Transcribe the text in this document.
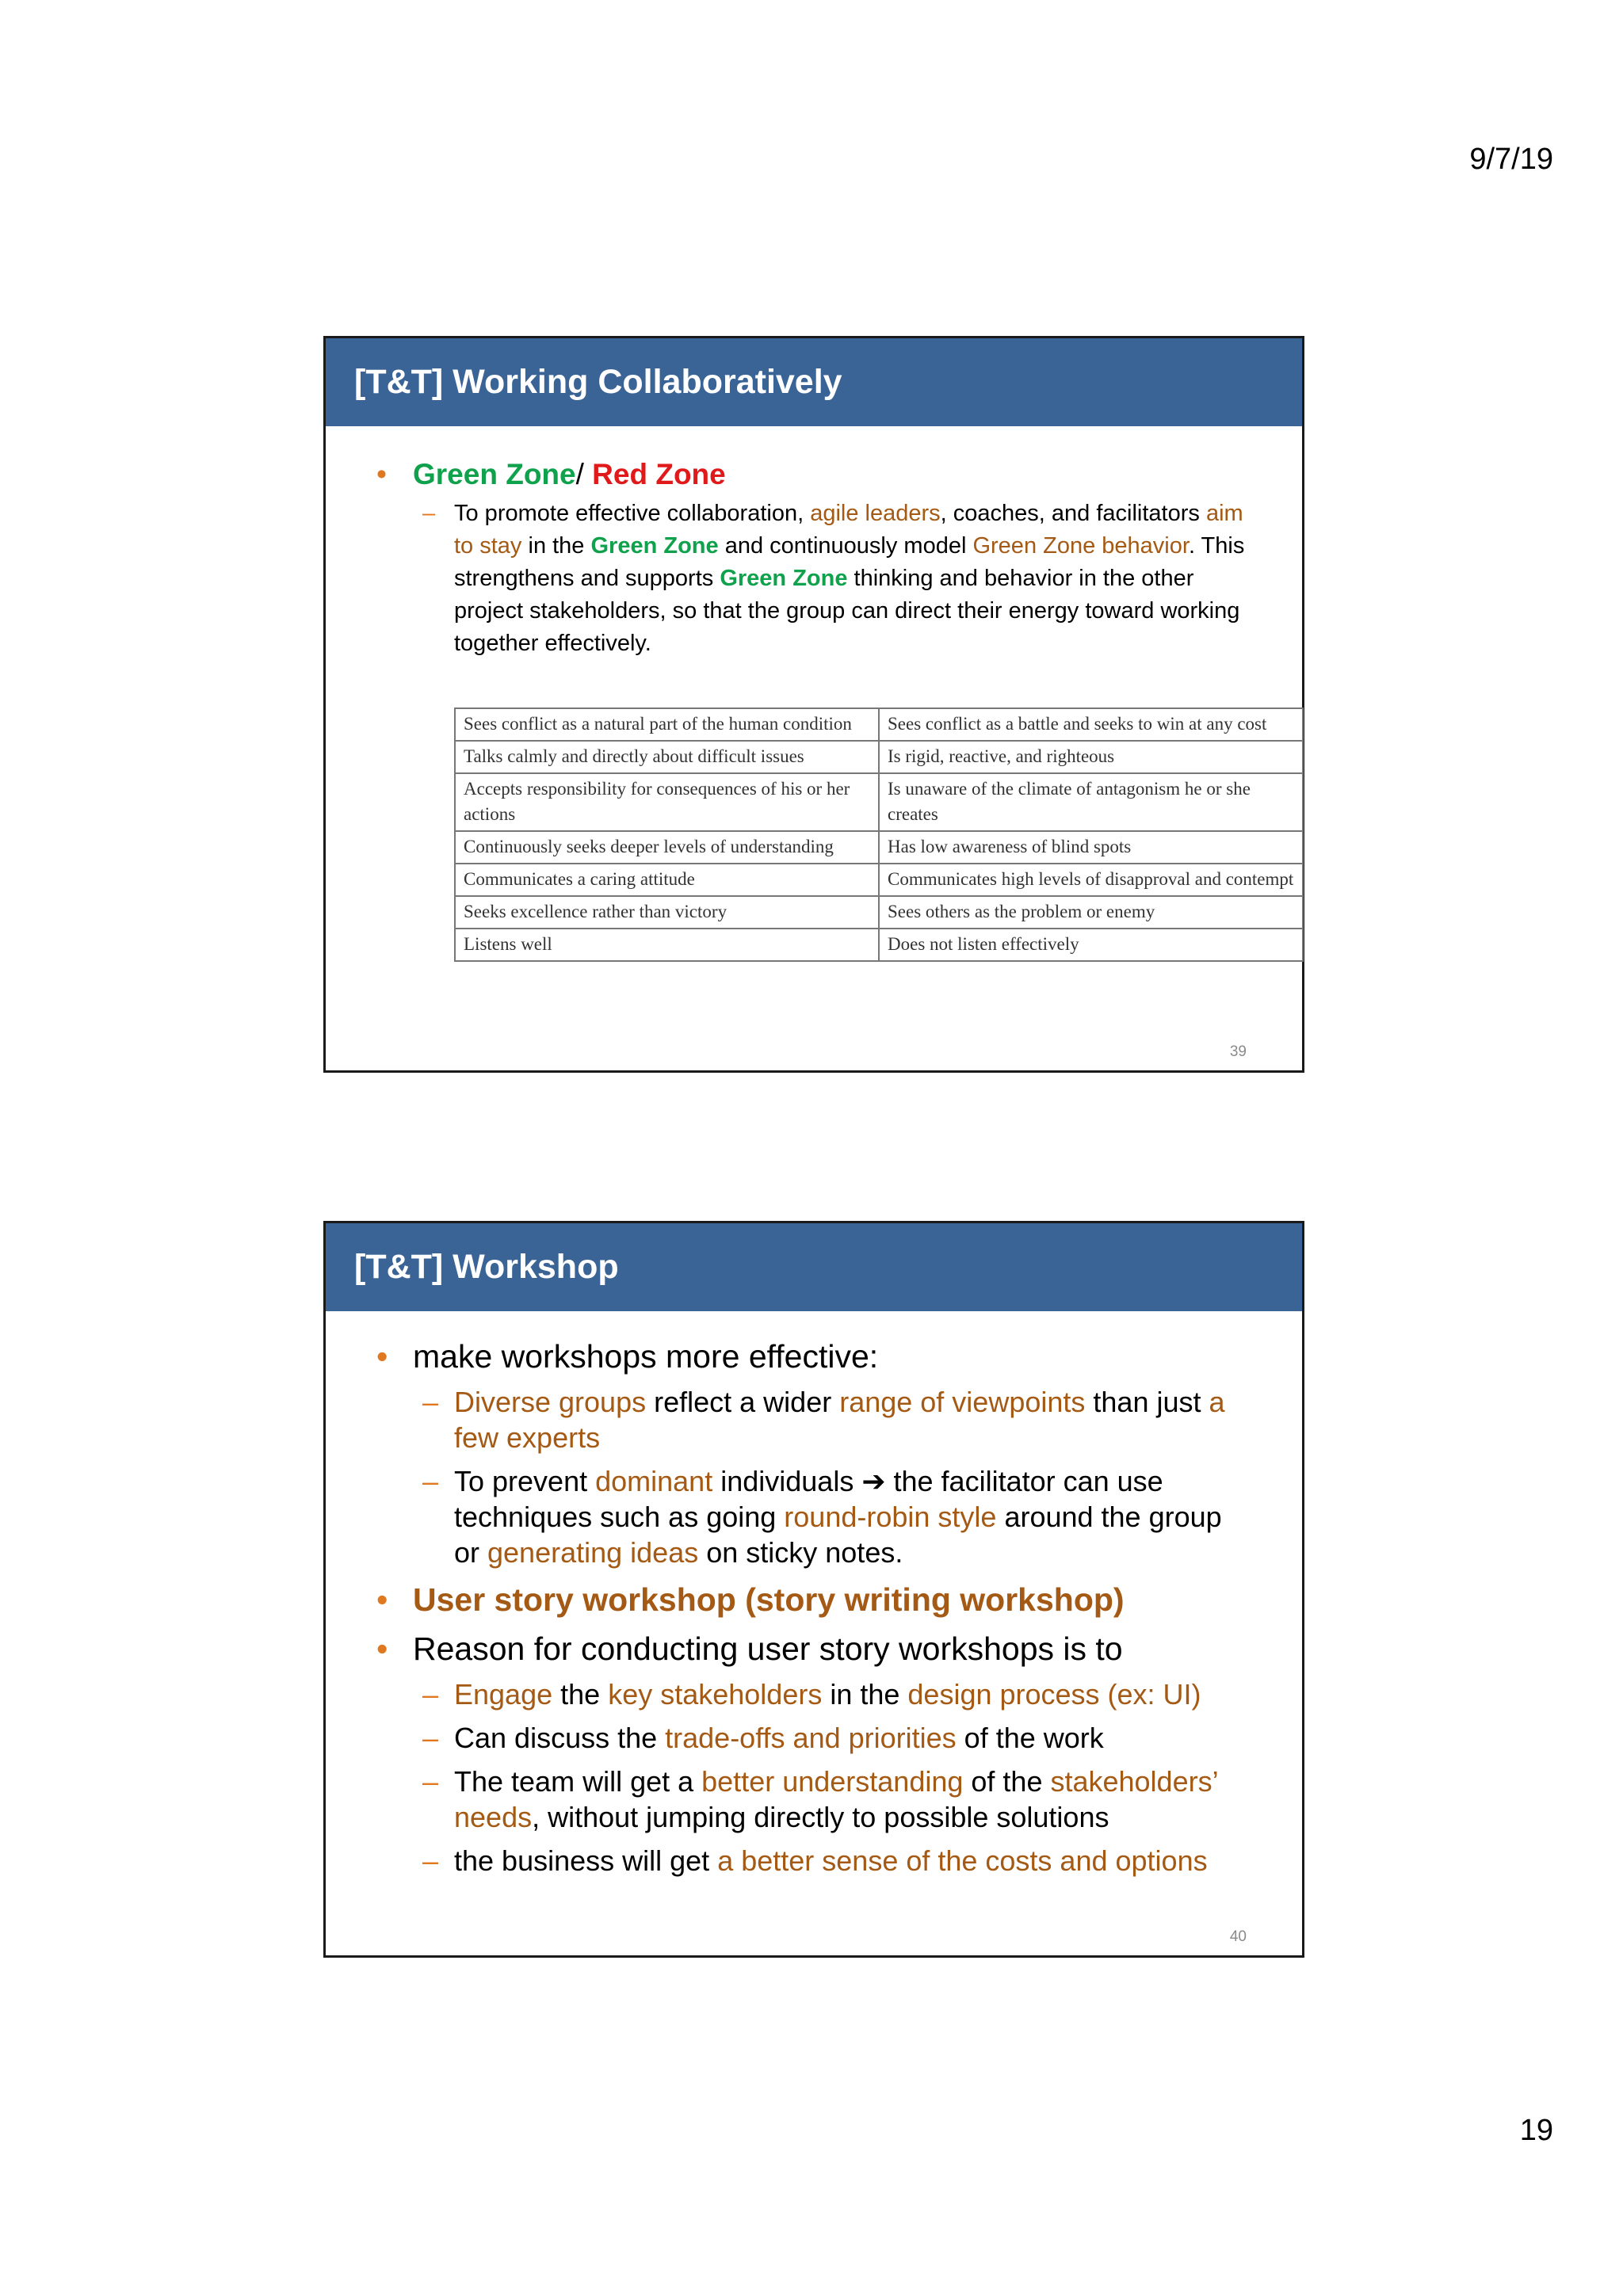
9/7/19
[T&T] Working Collaboratively
• Green Zone/ Red Zone
– To promote effective collaboration, agile leaders, coaches, and facilitators aim to stay in the Green Zone and continuously model Green Zone behavior. This strengthens and supports Green Zone thinking and behavior in the other project stakeholders, so that the group can direct their energy toward working together effectively.
Sees conflict as a natural part of the human condition	Sees conflict as a battle and seeks to win at any cost
Talks calmly and directly about difficult issues	Is rigid, reactive, and righteous
Accepts responsibility for consequences of his or her actions	Is unaware of the climate of antagonism he or she creates
Continuously seeks deeper levels of understanding	Has low awareness of blind spots
Communicates a caring attitude	Communicates high levels of disapproval and contempt
Seeks excellence rather than victory	Sees others as the problem or enemy
Listens well	Does not listen effectively
39
[T&T] Workshop
• make workshops more effective:
– Diverse groups reflect a wider range of viewpoints than just a few experts
– To prevent dominant individuals ➔ the facilitator can use techniques such as going round-robin style around the group or generating ideas on sticky notes.
• User story workshop (story writing workshop)
• Reason for conducting user story workshops is to
– Engage the key stakeholders in the design process (ex: UI)
– Can discuss the trade-offs and priorities of the work
– The team will get a better understanding of the stakeholders’ needs, without jumping directly to possible solutions
– the business will get a better sense of the costs and options
40
19
